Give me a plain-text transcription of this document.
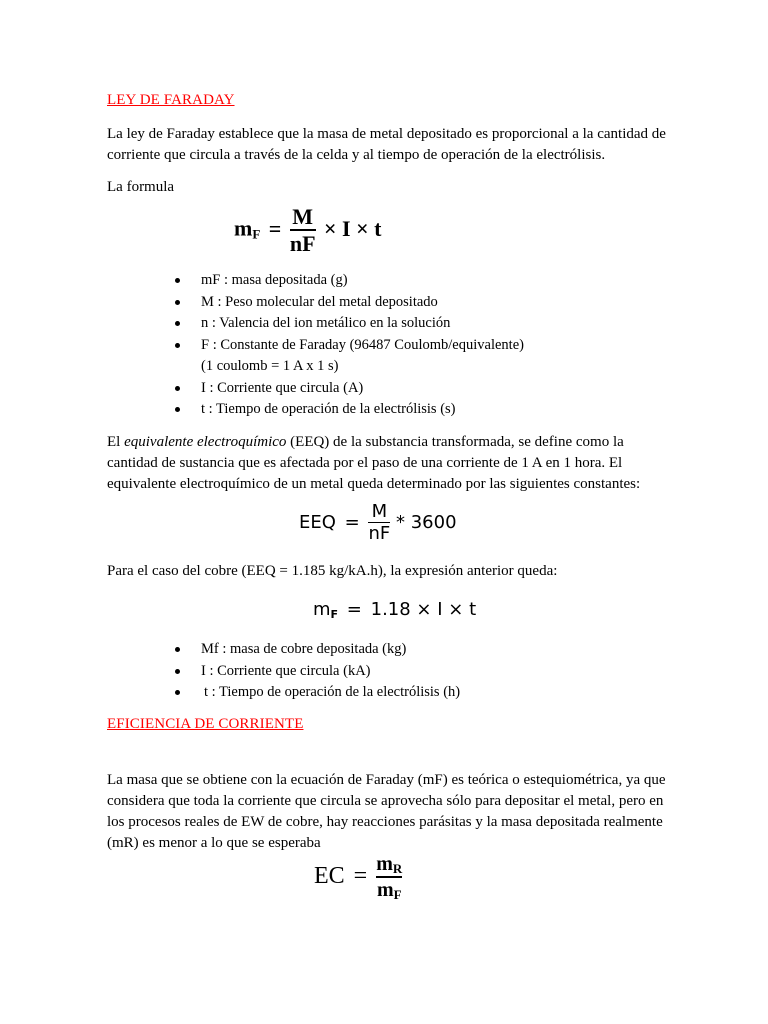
LEY DE FARADAY
La ley de Faraday establece que la masa de metal depositado es proporcional a la cantidad de corriente que circula a través de la celda y al tiempo de operación de la electrólisis.
La formula
$m_F = \frac{M}{nF} \times I \times t$
mF : masa depositada (g)
M : Peso molecular del metal depositado
n : Valencia del ion metálico en la solución
F : Constante de Faraday (96487 Coulomb/equivalente)
(1 coulomb = 1 A x 1 s)
I : Corriente que circula (A)
t : Tiempo de operación de la electrólisis (s)
El equivalente electroquímico (EEQ) de la substancia transformada, se define como la cantidad de sustancia que es afectada por el paso de una corriente de 1 A en 1 hora. El equivalente electroquímico de un metal queda determinado por las siguientes constantes:
EEQ = $\frac{M}{nF} * 3600$
Para el caso del cobre (EEQ = 1.185 kg/kA.h), la expresión anterior queda:
$m_F = 1.18 \times I \times t$
Mf : masa de cobre depositada (kg)
I : Corriente que circula (kA)
t : Tiempo de operación de la electrólisis (h)
EFICIENCIA DE CORRIENTE
La masa que se obtiene con la ecuación de Faraday (mF) es teórica o estequiométrica, ya que considera que toda la corriente que circula se aprovecha sólo para depositar el metal, pero en los procesos reales de EW de cobre, hay reacciones parásitas y la masa depositada realmente (mR) es menor a lo que se esperaba
EC = $\frac{m_R}{m_F}$
